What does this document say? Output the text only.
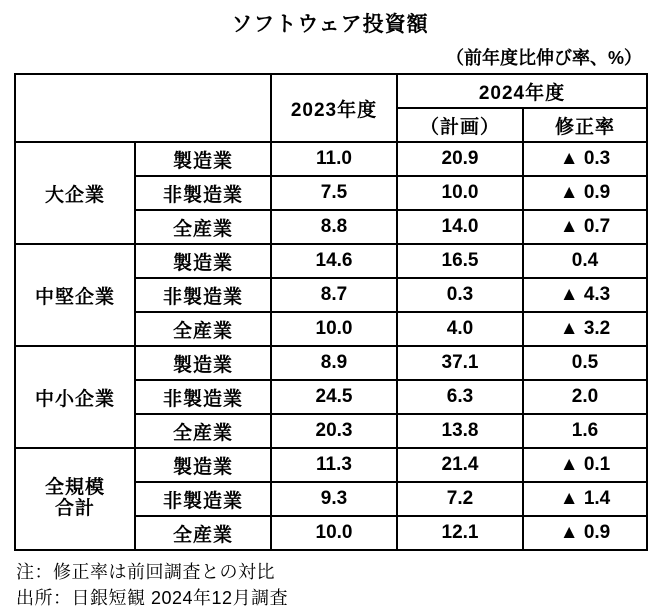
ソフトウェア投資額
（前年度比伸び率、%）
		2023年度	2024年度	
			（計画）	修正率
大企業	製造業	11.0	20.9	▲ 0.3
	非製造業	7.5	10.0	▲ 0.9
	全産業	8.8	14.0	▲ 0.7
中堅企業	製造業	14.6	16.5	0.4
	非製造業	8.7	0.3	▲ 4.3
	全産業	10.0	4.0	▲ 3.2
中小企業	製造業	8.9	37.1	0.5
	非製造業	24.5	6.3	2.0
	全産業	20.3	13.8	1.6

全規模
合計	製造業	11.3	21.4	▲ 0.1
	非製造業	9.3	7.2	▲ 1.4
	全産業	10.0	12.1	▲ 0.9
注：修正率は前回調査との対比
出所：日銀短観 2024年12月調査
